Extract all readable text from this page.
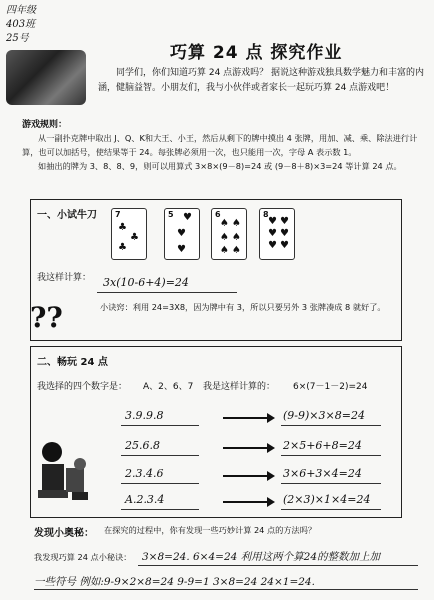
四年级
403班
25号
巧算 24 点 探究作业
同学们，你们知道巧算 24 点游戏吗？ 据说这种游戏独具数学魅力和丰富的内涵，健脑益智。小朋友们，我与小伙伴或者家长一起玩巧算 24 点游戏吧！
游戏规则：
从一副扑克牌中取出 J、Q、K和大王、小王，然后从剩下的牌中摸出 4 张牌，用加、减、乘、除法进行计算，也可以加括号，使结果等于 24。每张牌必须用一次，也只能用一次，字母 A 表示数 1。
如抽出的牌为 3、8、8、9，则可以用算式 3×8×(9－8)=24 或 (9－8＋8)×3=24 等计算 24 点。
一、小试牛刀 7
♣
♣
♣
5 ♥
♥
♥
6
♠ ♠
♠ ♠
♠ ♠
8
♥ ♥
♥ ♥
♥ ♥
我这样计算： 3x(10-6+4)=24
?​?	小诀窍：利用 24=3X8，因为牌中有 3，所以只要另外 3 张牌凑成 8 就好了。
二、畅玩 24 点
我选择的四个数字是： A、2、6、7 我是这样计算的： 6×(7－1－2)=24
3.9.9.8	(9-9)×3×8=24
25.6.8	2×5+6+8=24
2.3.4.6	3×6+3×4=24
A.2.3.4	(2×3)×1×4=24
发现小奥秘： 在探究的过程中，你有发现一些巧妙计算 24 点的方法吗？
我发现巧算 24 点小秘诀： 3×8=24. 6×4=24 利用这两个算24的整数加上加
一些符号 例如:9-9×2×8=24 9-9=1 3×8=24 24×1=24.
